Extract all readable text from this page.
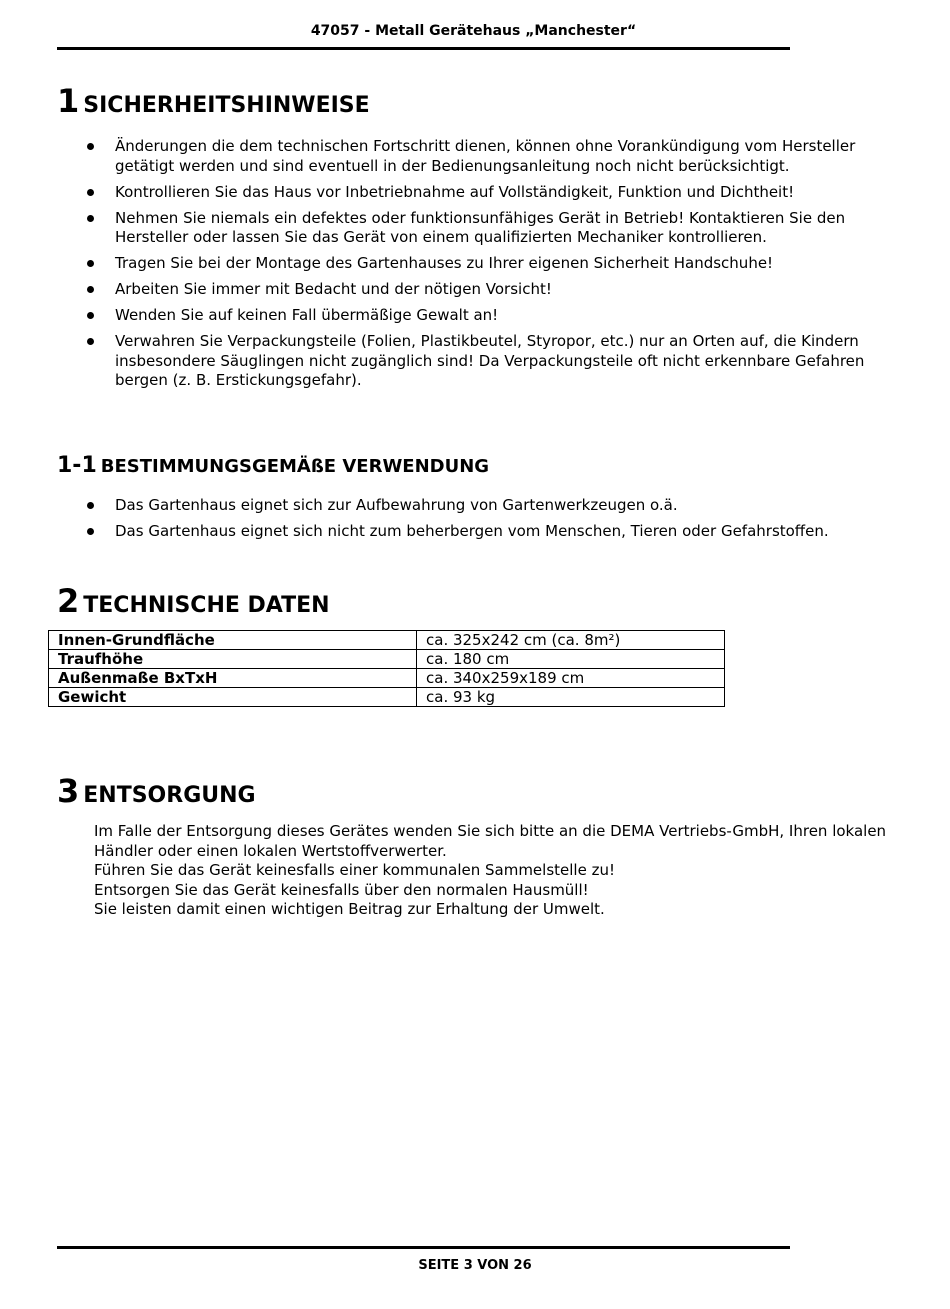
47057 - Metall Gerätehaus „Manchester“
1 SICHERHEITSHINWEISE
Änderungen die dem technischen Fortschritt dienen, können ohne Vorankündigung vom Hersteller getätigt werden und sind eventuell in der Bedienungsanleitung noch nicht berücksichtigt.
Kontrollieren Sie das Haus vor Inbetriebnahme auf Vollständigkeit, Funktion und Dichtheit!
Nehmen Sie niemals ein defektes oder funktionsunfähiges Gerät in Betrieb! Kontaktieren Sie den Hersteller oder lassen Sie das Gerät von einem qualifizierten Mechaniker kontrollieren.
Tragen Sie bei der Montage des Gartenhauses zu Ihrer eigenen Sicherheit Handschuhe!
Arbeiten Sie immer mit Bedacht und der nötigen Vorsicht!
Wenden Sie auf keinen Fall übermäßige Gewalt an!
Verwahren Sie Verpackungsteile (Folien, Plastikbeutel, Styropor, etc.) nur an Orten auf, die Kindern insbesondere Säuglingen nicht zugänglich sind! Da Verpackungsteile oft nicht erkennbare Gefahren bergen (z. B. Erstickungsgefahr).
1-1 BESTIMMUNGSGEMÄßE VERWENDUNG
Das Gartenhaus eignet sich zur Aufbewahrung von Gartenwerkzeugen o.ä.
Das Gartenhaus eignet sich nicht zum beherbergen vom Menschen, Tieren oder Gefahrstoffen.
2 TECHNISCHE DATEN
Innen-Grundfläche	ca. 325x242 cm (ca. 8m²)
Traufhöhe	ca. 180 cm
Außenmaße BxTxH	ca. 340x259x189 cm
Gewicht	ca. 93 kg
3 ENTSORGUNG

Im Falle der Entsorgung dieses Gerätes wenden Sie sich bitte an die DEMA Vertriebs-GmbH, Ihren lokalen Händler oder einen lokalen Wertstoffverwerter.

Führen Sie das Gerät keinesfalls einer kommunalen Sammelstelle zu!

Entsorgen Sie das Gerät keinesfalls über den normalen Hausmüll!

Sie leisten damit einen wichtigen Beitrag zur Erhaltung der Umwelt.

SEITE 3 VON 26
